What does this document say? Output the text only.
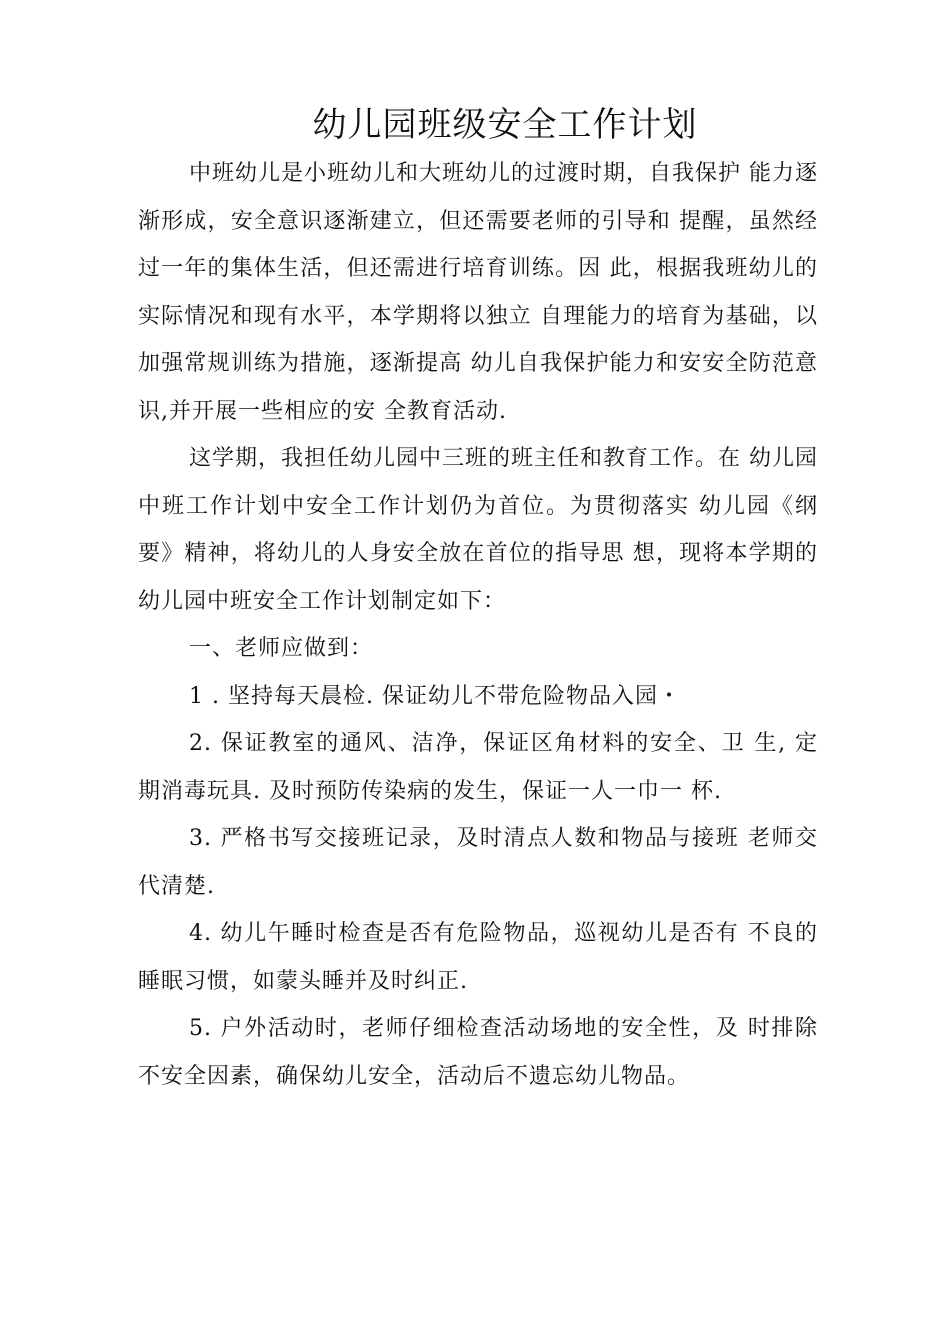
幼儿园班级安全工作计划

中班幼儿是小班幼儿和大班幼儿的过渡时期，自我保护 能力逐渐形成，安全意识逐渐建立，但还需要老师的引导和 提醒，虽然经过一年的集体生活，但还需进行培育训练。因 此，根据我班幼儿的实际情况和现有水平，本学期将以独立 自理能力的培育为基础，以加强常规训练为措施，逐渐提高 幼儿自我保护能力和安安全防范意识,并开展一些相应的安 全教育活动.

这学期，我担任幼儿园中三班的班主任和教育工作。在 幼儿园中班工作计划中安全工作计划仍为首位。为贯彻落实 幼儿园《纲要》精神，将幼儿的人身安全放在首位的指导思 想，现将本学期的幼儿园中班安全工作计划制定如下：

一、老师应做到：

1 . 坚持每天晨检. 保证幼儿不带危险物品入园・

2. 保证教室的通风、洁净，保证区角材料的安全、卫 生, 定期消毒玩具. 及时预防传染病的发生，保证一人一巾一 杯.

3. 严格书写交接班记录，及时清点人数和物品与接班 老师交代清楚.

4. 幼儿午睡时检查是否有危险物品，巡视幼儿是否有 不良的睡眠习惯，如蒙头睡并及时纠正.

5. 户外活动时，老师仔细检查活动场地的安全性，及 时排除不安全因素，确保幼儿安全，活动后不遗忘幼儿物品。
